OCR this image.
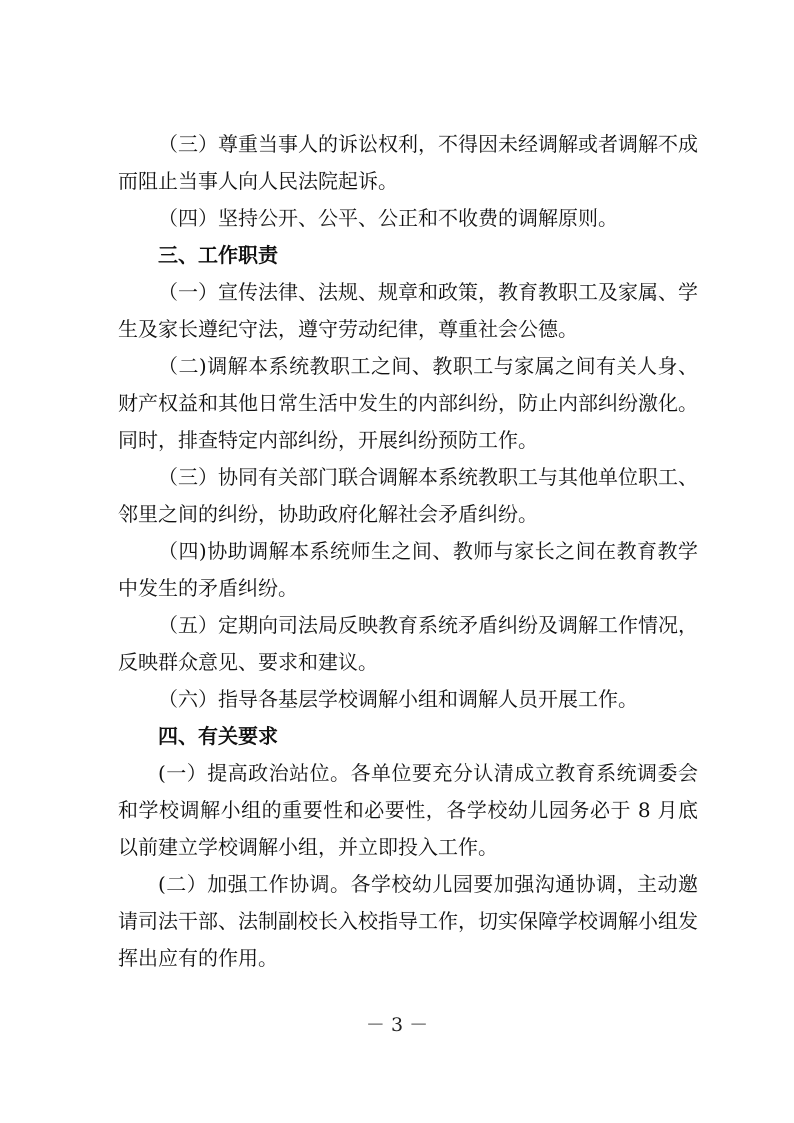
（三）尊重当事人的诉讼权利，不得因未经调解或者调解不成而阻止当事人向人民法院起诉。

（四）坚持公开、公平、公正和不收费的调解原则。

三、工作职责

（一）宣传法律、法规、规章和政策，教育教职工及家属、学生及家长遵纪守法，遵守劳动纪律，尊重社会公德。

（二)调解本系统教职工之间、教职工与家属之间有关人身、财产权益和其他日常生活中发生的内部纠纷，防止内部纠纷激化。同时，排查特定内部纠纷，开展纠纷预防工作。

（三）协同有关部门联合调解本系统教职工与其他单位职工、邻里之间的纠纷，协助政府化解社会矛盾纠纷。

（四)协助调解本系统师生之间、教师与家长之间在教育教学中发生的矛盾纠纷。

（五）定期向司法局反映教育系统矛盾纠纷及调解工作情况，反映群众意见、要求和建议。

（六）指导各基层学校调解小组和调解人员开展工作。

四、有关要求

(一）提高政治站位。各单位要充分认清成立教育系统调委会和学校调解小组的重要性和必要性，各学校幼儿园务必于 8 月底以前建立学校调解小组，并立即投入工作。

(二）加强工作协调。各学校幼儿园要加强沟通协调，主动邀请司法干部、法制副校长入校指导工作，切实保障学校调解小组发挥出应有的作用。

－ 3 －
